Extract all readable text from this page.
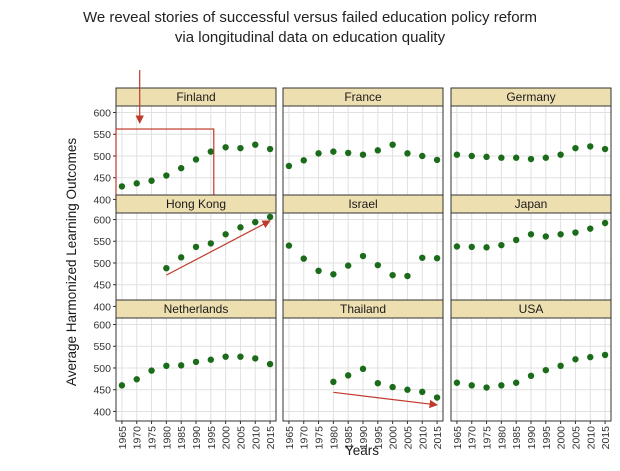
We reveal stories of successful versus failed education policy reform
via longitudinal data on education quality
Finland
400
450
500
550
600
France	Germany
Hong Kong
400
450
500
550
600
Israel	Japan
Netherlands
400
450
500
550
600
1965 1970 1975 1980 1985 1990 1995 2000 2005 2010 2015
Thailand
1965 1970 1975 1980 1985 1990 1995 2000 2005 2010 2015
USA
1965 1970 1975 1980 1985 1990 1995 2000 2005 2010 2015
Average Harmonized Learning Outcomes
Years
